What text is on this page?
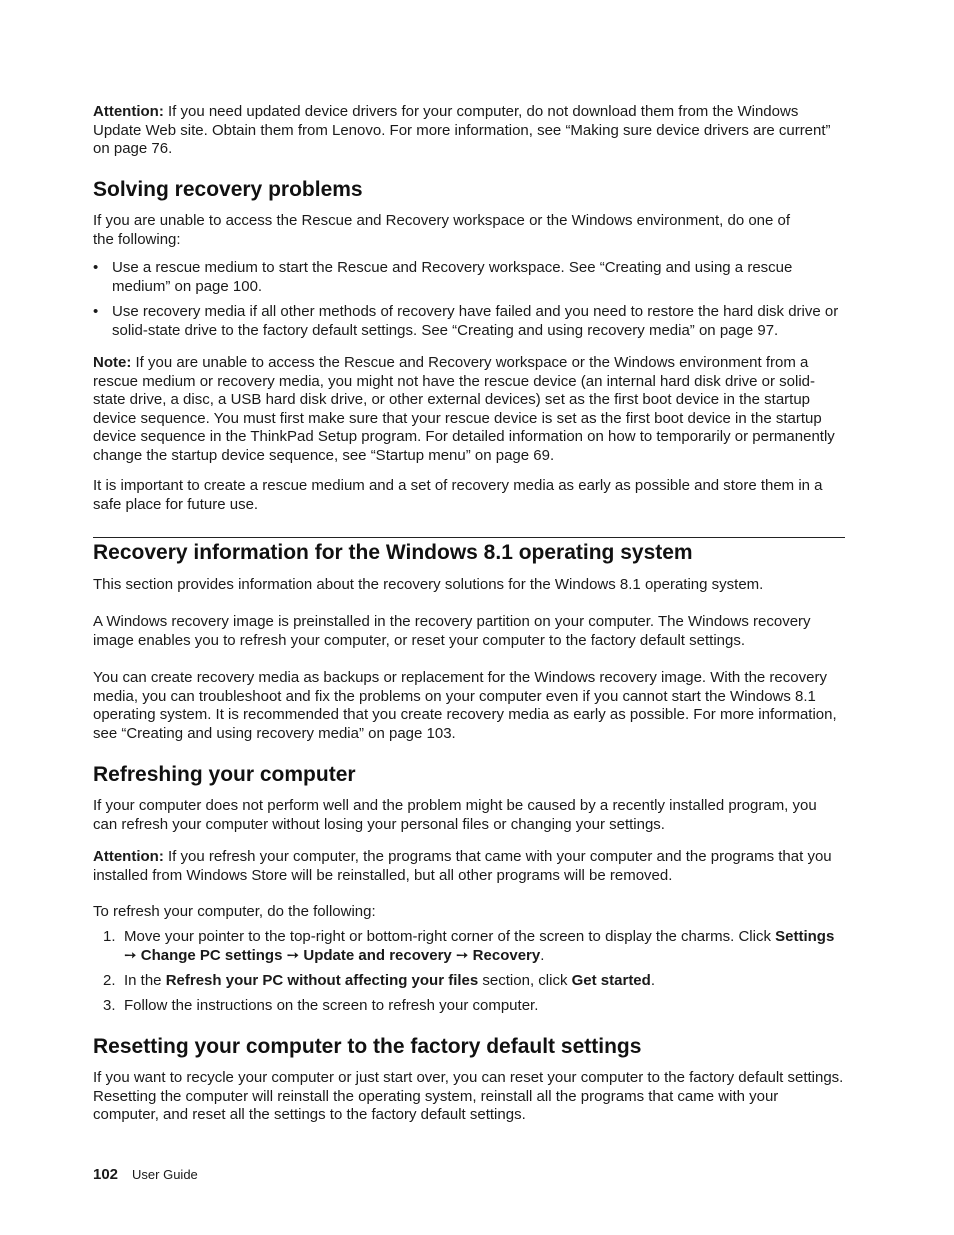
Attention: If you need updated device drivers for your computer, do not download them from the Windows Update Web site. Obtain them from Lenovo. For more information, see “Making sure device drivers are current” on page 76.

Solving recovery problems

If you are unable to access the Rescue and Recovery workspace or the Windows environment, do one of the following:

• Use a rescue medium to start the Rescue and Recovery workspace. See “Creating and using a rescue medium” on page 100.
• Use recovery media if all other methods of recovery have failed and you need to restore the hard disk drive or solid-state drive to the factory default settings. See “Creating and using recovery media” on page 97.

Note: If you are unable to access the Rescue and Recovery workspace or the Windows environment from a rescue medium or recovery media, you might not have the rescue device (an internal hard disk drive or solid-state drive, a disc, a USB hard disk drive, or other external devices) set as the first boot device in the startup device sequence. You must first make sure that your rescue device is set as the first boot device in the startup device sequence in the ThinkPad Setup program. For detailed information on how to temporarily or permanently change the startup device sequence, see “Startup menu” on page 69.

It is important to create a rescue medium and a set of recovery media as early as possible and store them in a safe place for future use.

Recovery information for the Windows 8.1 operating system

This section provides information about the recovery solutions for the Windows 8.1 operating system.

A Windows recovery image is preinstalled in the recovery partition on your computer. The Windows recovery image enables you to refresh your computer, or reset your computer to the factory default settings.

You can create recovery media as backups or replacement for the Windows recovery image. With the recovery media, you can troubleshoot and fix the problems on your computer even if you cannot start the Windows 8.1 operating system. It is recommended that you create recovery media as early as possible. For more information, see “Creating and using recovery media” on page 103.

Refreshing your computer

If your computer does not perform well and the problem might be caused by a recently installed program, you can refresh your computer without losing your personal files or changing your settings.

Attention: If you refresh your computer, the programs that came with your computer and the programs that you installed from Windows Store will be reinstalled, but all other programs will be removed.

To refresh your computer, do the following:

1. Move your pointer to the top-right or bottom-right corner of the screen to display the charms. Click Settings ➙ Change PC settings ➙ Update and recovery ➙ Recovery.
2. In the Refresh your PC without affecting your files section, click Get started.
3. Follow the instructions on the screen to refresh your computer.
Resetting your computer to the factory default settings

If you want to recycle your computer or just start over, you can reset your computer to the factory default settings. Resetting the computer will reinstall the operating system, reinstall all the programs that came with your computer, and reset all the settings to the factory default settings.

102 User Guide
